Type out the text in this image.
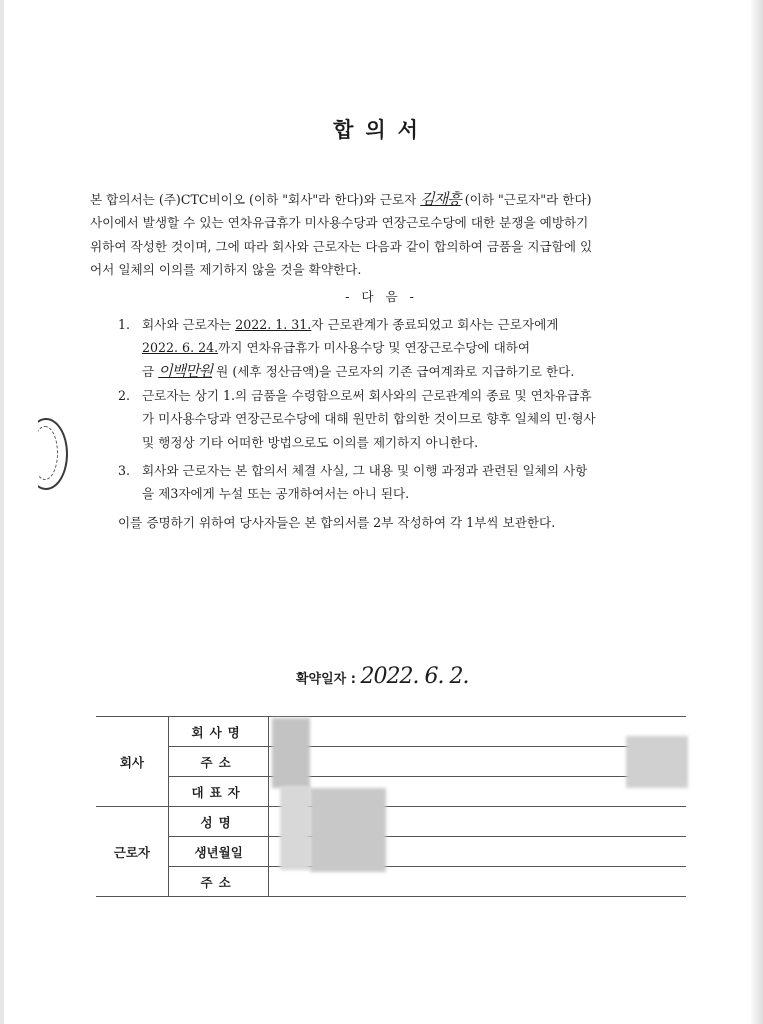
합의서
본 합의서는 (주)CTC비이오 (이하 "회사"라 한다)와 근로자 김재흥 (이하 "근로자"라 한다)
사이에서 발생할 수 있는 연차유급휴가 미사용수당과 연장근로수당에 대한 분쟁을 예방하기
위하여 작성한 것이며, 그에 따라 회사와 근로자는 다음과 같이 합의하여 금품을 지급함에 있
어서 일체의 이의를 제기하지 않을 것을 확약한다.
- 다 음 -
1. 회사와 근로자는 2022. 1. 31.자 근로관계가 종료되었고 회사는 근로자에게
2022. 6. 24.까지 연차유급휴가 미사용수당 및 연장근로수당에 대하여
금 이백만원 원 (세후 정산금액)을 근로자의 기존 급여계좌로 지급하기로 한다.
2. 근로자는 상기 1.의 금품을 수령함으로써 회사와의 근로관계의 종료 및 연차유급휴
가 미사용수당과 연장근로수당에 대해 원만히 합의한 것이므로 향후 일체의 민·형사
및 행정상 기타 어떠한 방법으로도 이의를 제기하지 아니한다.
3. 회사와 근로자는 본 합의서 체결 사실, 그 내용 및 이행 과정과 관련된 일체의 사항
을 제3자에게 누설 또는 공개하여서는 아니 된다.
이를 증명하기 위하여 당사자들은 본 합의서를 2부 작성하여 각 1부씩 보관한다.
확약일자 : 2022. 6. 2.
회사	회사명	
	주소	
	대표자	
근로자	성명	
	생년월일	
	주소	
